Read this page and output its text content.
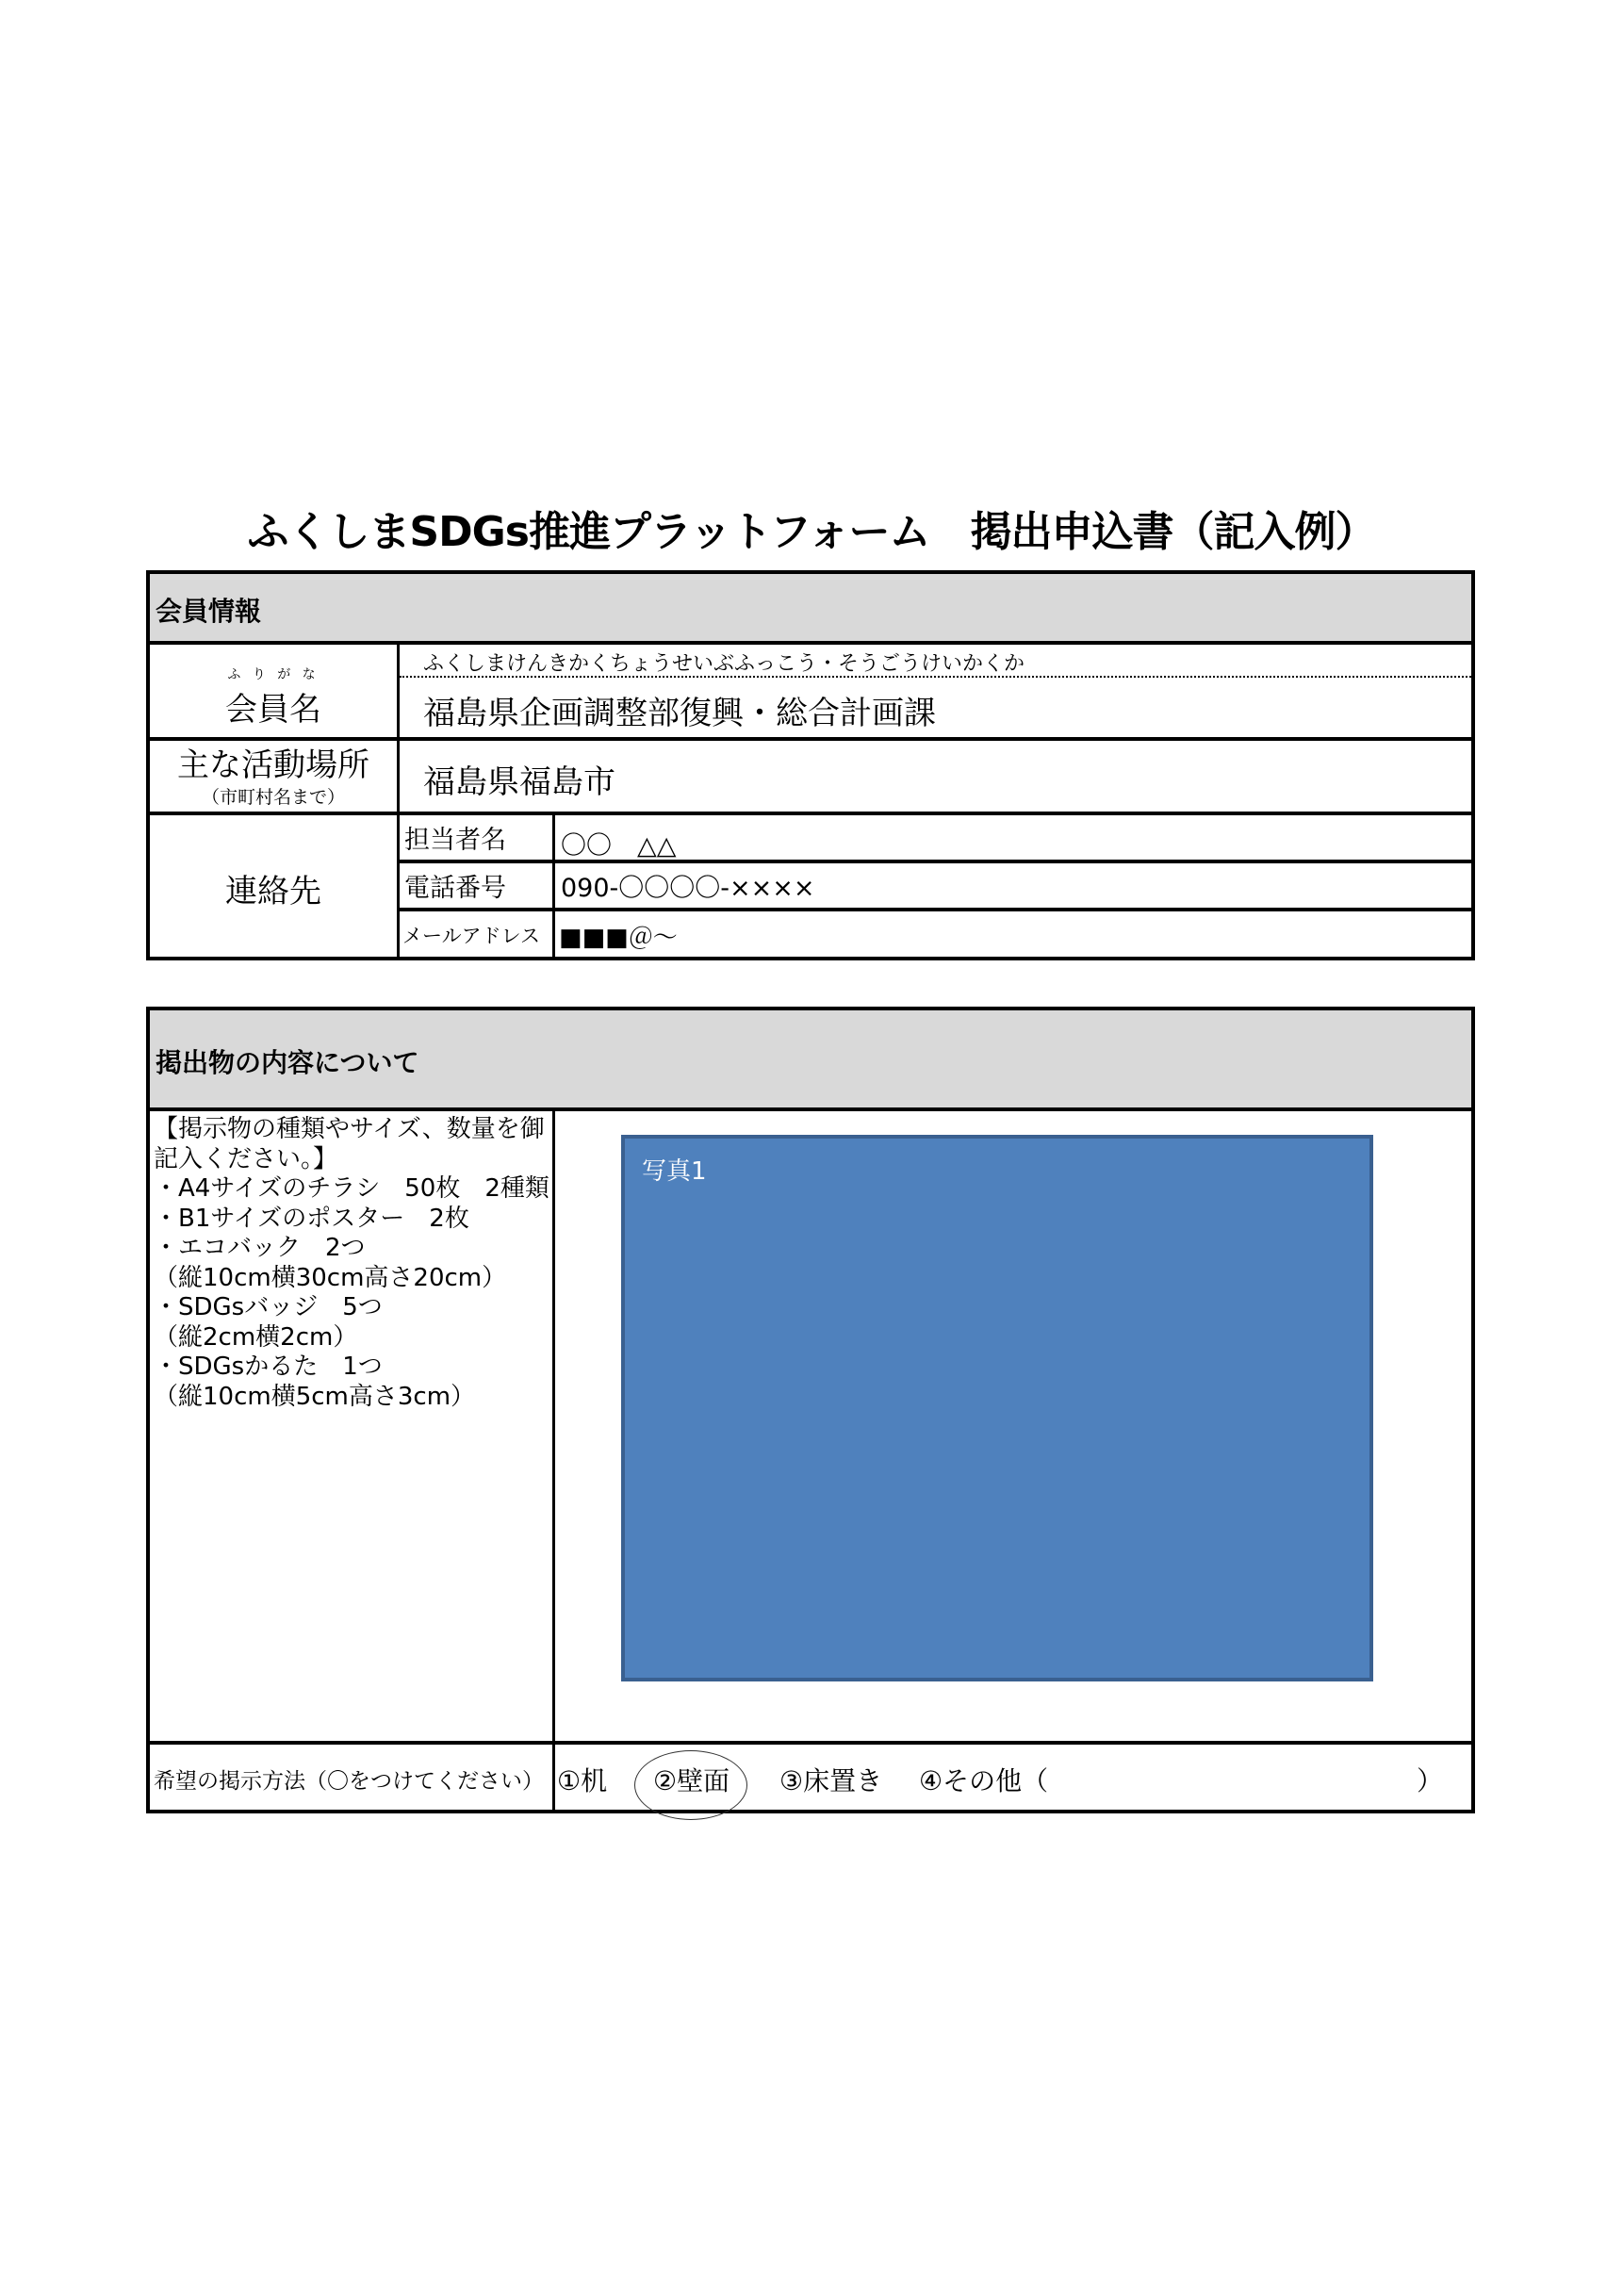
ふくしまSDGs推進プラットフォーム　掲出申込書（記入例）
会員情報
ふ り が な
会員名
ふくしまけんきかくちょうせいぶふっこう・そうごうけいかくか
福島県企画調整部復興・総合計画課
主な活動場所
（市町村名まで） 福島県福島市
連絡先
担当者名 〇〇　△△
電話番号 090-〇〇〇〇-××××
メールアドレス ■■■＠～
掲出物の内容について
【掲示物の種類やサイズ、数量を御
記入ください。】
・A4サイズのチラシ　50枚　2種類
・B1サイズのポスター　2枚
・エコバック　2つ
（縦10cm横30cm高さ20cm）
・SDGsバッジ　5つ
（縦2cm横2cm）
・SDGsかるた　1つ
（縦10cm横5cm高さ3cm）
写真1
希望の掲示方法（〇をつけてください） ①机 ②壁面 ③床置き ④その他（	）
